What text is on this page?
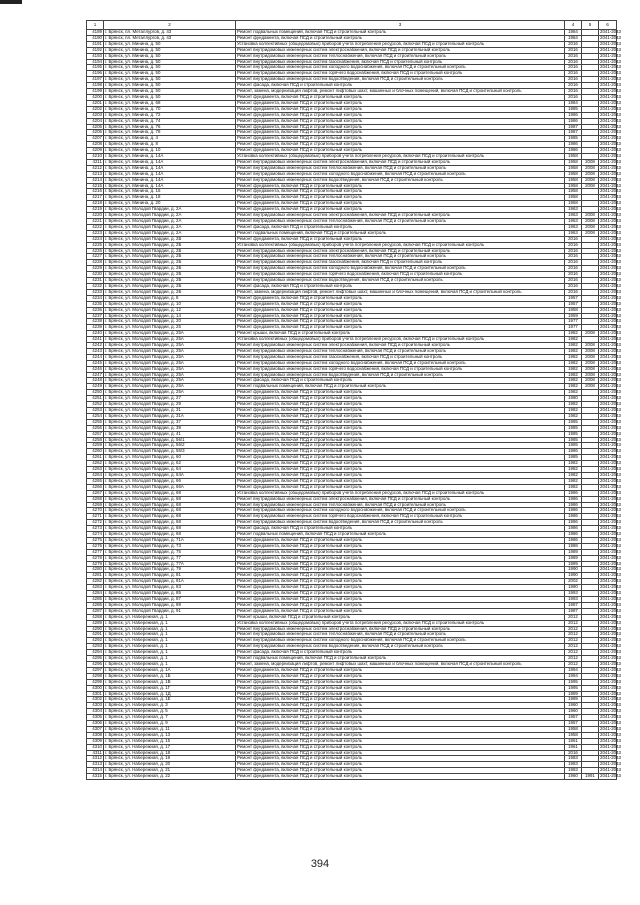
1	2	3	4	5	6
4189	г. Брянск, пл. Металлургов, д. 43	Ремонт подвальных помещений, включая ПСД и строительный контроль	1984		2041-2043
4190	г. Брянск, пл. Металлургов, д. 43	Ремонт фундамента, включая ПСД и строительный контроль	1984		2041-2043
4191	г. Брянск, ул. Минина, д. 50	Установка коллективных (общедомовых) приборов учета потребления ресурсов, включая ПСД и строительный контроль	2016		2041-2043
4192	г. Брянск, ул. Минина, д. 50	Ремонт внутридомовых инженерных систем электроснабжения, включая ПСД и строительный контроль	2016		2041-2043
4193	г. Брянск, ул. Минина, д. 50	Ремонт внутридомовых инженерных систем теплоснабжения, включая ПСД и строительный контроль	2016		2041-2043
4194	г. Брянск, ул. Минина, д. 50	Ремонт внутридомовых инженерных систем газоснабжения, включая ПСД и строительный контроль	2016		2041-2043
4195	г. Брянск, ул. Минина, д. 50	Ремонт внутридомовых инженерных систем холодного водоснабжения, включая ПСД и строительный контроль	2016		2041-2043
4196	г. Брянск, ул. Минина, д. 50	Ремонт внутридомовых инженерных систем горячего водоснабжения, включая ПСД и строительный контроль	2016		2041-2043
4197	г. Брянск, ул. Минина, д. 50	Ремонт внутридомовых инженерных систем водоотведения, включая ПСД и строительный контроль	2016		2041-2043
4198	г. Брянск, ул. Минина, д. 50	Ремонт фасада, включая ПСД и строительный контроль	2016		2041-2043
4199	г. Брянск, ул. Минина, д. 50	Ремонт, замена, модернизация лифтов, ремонт лифтовых шахт, машинных и блочных помещений, включая ПСД и строительный контроль	2016		2041-2043
4200	г. Брянск, ул. Минина, д. 50	Ремонт фундамента, включая ПСД и строительный контроль	2016		2041-2043
4201	г. Брянск, ул. Минина, д. 68	Ремонт фундамента, включая ПСД и строительный контроль	1984		2041-2043
4202	г. Брянск, ул. Минина, д. 70	Ремонт фундамента, включая ПСД и строительный контроль	1985		2041-2043
4203	г. Брянск, ул. Минина, д. 72	Ремонт фундамента, включая ПСД и строительный контроль	1986		2041-2043
4204	г. Брянск, ул. Минина, д. 74	Ремонт фундамента, включая ПСД и строительный контроль	1986		2041-2043
4205	г. Брянск, ул. Минина, д. 76	Ремонт фундамента, включая ПСД и строительный контроль	1987		2041-2043
4206	г. Брянск, ул. Минина, д. 78	Ремонт фундамента, включая ПСД и строительный контроль	1987		2041-2043
4207	г. Брянск, ул. Минина, д. 4	Ремонт фундамента, включая ПСД и строительный контроль	1985		2041-2043
4208	г. Брянск, ул. Минина, д. 8	Ремонт фундамента, включая ПСД и строительный контроль	1986		2041-2043
4209	г. Брянск, ул. Минина, д. 10	Ремонт фундамента, включая ПСД и строительный контроль	1986		2041-2043
4210	г. Брянск, ул. Минина, д. 14А	Установка коллективных (общедомовых) приборов учета потребления ресурсов, включая ПСД и строительный контроль	1958		2041-2043
4211	г. Брянск, ул. Минина, д. 14А	Ремонт внутридомовых инженерных систем электроснабжения, включая ПСД и строительный контроль	1958	2008	2041-2043
4212	г. Брянск, ул. Минина, д. 14А	Ремонт внутридомовых инженерных систем теплоснабжения, включая ПСД и строительный контроль	1958	2008	2041-2043
4213	г. Брянск, ул. Минина, д. 14А	Ремонт внутридомовых инженерных систем холодного водоснабжения, включая ПСД и строительный контроль	1958	2008	2041-2043
4214	г. Брянск, ул. Минина, д. 14А	Ремонт внутридомовых инженерных систем водоотведения, включая ПСД и строительный контроль	1958	2008	2041-2043
4215	г. Брянск, ул. Минина, д. 14А	Ремонт фундамента, включая ПСД и строительный контроль	1958	2008	2041-2043
4216	г. Брянск, ул. Минина, д. 16	Ремонт фундамента, включая ПСД и строительный контроль	1958		2041-2043
4217	г. Брянск, ул. Минина, д. 18	Ремонт фундамента, включая ПСД и строительный контроль	1958		2041-2043
4218	г. Брянск, ул. Минина, д. 20	Ремонт фундамента, включая ПСД и строительный контроль	1958		2041-2043
4219	г. Брянск, ул. Молодой Гвардии, д. 2А	Ремонт фундамента, включая ПСД и строительный контроль	1963		2041-2043
4220	г. Брянск, ул. Молодой Гвардии, д. 2А	Ремонт внутридомовых инженерных систем электроснабжения, включая ПСД и строительный контроль	1963	2008	2041-2043
4221	г. Брянск, ул. Молодой Гвардии, д. 2А	Ремонт внутридомовых инженерных систем теплоснабжения, включая ПСД и строительный контроль	1963	2008	2041-2043
4222	г. Брянск, ул. Молодой Гвардии, д. 2А	Ремонт фасада, включая ПСД и строительный контроль	1963	2008	2041-2043
4223	г. Брянск, ул. Молодой Гвардии, д. 2А	Ремонт подвальных помещений, включая ПСД и строительный контроль	1963	2008	2041-2043
4224	г. Брянск, ул. Молодой Гвардии, д. 2Б	Ремонт фундамента, включая ПСД и строительный контроль	2016		2041-2043
4225	г. Брянск, ул. Молодой Гвардии, д. 2Б	Установка коллективных (общедомовых) приборов учета потребления ресурсов, включая ПСД и строительный контроль	2016		2041-2043
4226	г. Брянск, ул. Молодой Гвардии, д. 2Б	Ремонт внутридомовых инженерных систем электроснабжения, включая ПСД и строительный контроль	2016		2041-2043
4227	г. Брянск, ул. Молодой Гвардии, д. 2Б	Ремонт внутридомовых инженерных систем теплоснабжения, включая ПСД и строительный контроль	2016		2041-2043
4228	г. Брянск, ул. Молодой Гвардии, д. 2Б	Ремонт внутридомовых инженерных систем газоснабжения, включая ПСД и строительный контроль	2016		2041-2043
4229	г. Брянск, ул. Молодой Гвардии, д. 2Б	Ремонт внутридомовых инженерных систем холодного водоснабжения, включая ПСД и строительный контроль	2016		2041-2043
4230	г. Брянск, ул. Молодой Гвардии, д. 2Б	Ремонт внутридомовых инженерных систем горячего водоснабжения, включая ПСД и строительный контроль	2016		2041-2043
4231	г. Брянск, ул. Молодой Гвардии, д. 2Б	Ремонт внутридомовых инженерных систем водоотведения, включая ПСД и строительный контроль	2016		2041-2043
4232	г. Брянск, ул. Молодой Гвардии, д. 2Б	Ремонт фасада, включая ПСД и строительный контроль	2016		2041-2043
4233	г. Брянск, ул. Молодой Гвардии, д. 2Б	Ремонт, замена, модернизация лифтов, ремонт лифтовых шахт, машинных и блочных помещений, включая ПСД и строительный контроль	2016		2041-2043
4234	г. Брянск, ул. Молодой Гвардии, д. 8	Ремонт фундамента, включая ПСД и строительный контроль	1957		2041-2043
4235	г. Брянск, ул. Молодой Гвардии, д. 10	Ремонт фундамента, включая ПСД и строительный контроль	1957		2041-2043
4236	г. Брянск, ул. Молодой Гвардии, д. 12	Ремонт фундамента, включая ПСД и строительный контроль	1958		2041-2043
4237	г. Брянск, ул. Молодой Гвардии, д. 14	Ремонт фундамента, включая ПСД и строительный контроль	1959		2041-2043
4238	г. Брянск, ул. Молодой Гвардии, д. 20	Ремонт фундамента, включая ПСД и строительный контроль	1977		2041-2043
4239	г. Брянск, ул. Молодой Гвардии, д. 25	Ремонт фундамента, включая ПСД и строительный контроль	1977		2041-2043
4240	г. Брянск, ул. Молодой Гвардии, д. 25А	Ремонт крыши, включая ПСД и строительный контроль	1982	2008	2041-2043
4241	г. Брянск, ул. Молодой Гвардии, д. 25А	Установка коллективных (общедомовых) приборов учета потребления ресурсов, включая ПСД и строительный контроль	1982		2041-2043
4242	г. Брянск, ул. Молодой Гвардии, д. 25А	Ремонт внутридомовых инженерных систем электроснабжения, включая ПСД и строительный контроль	1982	2008	2041-2043
4243	г. Брянск, ул. Молодой Гвардии, д. 25А	Ремонт внутридомовых инженерных систем теплоснабжения, включая ПСД и строительный контроль	1982	2008	2041-2043
4244	г. Брянск, ул. Молодой Гвардии, д. 25А	Ремонт внутридомовых инженерных систем газоснабжения, включая ПСД и строительный контроль	1982	2008	2041-2043
4245	г. Брянск, ул. Молодой Гвардии, д. 25А	Ремонт внутридомовых инженерных систем холодного водоснабжения, включая ПСД и строительный контроль	1982	2008	2041-2043
4246	г. Брянск, ул. Молодой Гвардии, д. 25А	Ремонт внутридомовых инженерных систем горячего водоснабжения, включая ПСД и строительный контроль	1982	2008	2041-2043
4247	г. Брянск, ул. Молодой Гвардии, д. 25А	Ремонт внутридомовых инженерных систем водоотведения, включая ПСД и строительный контроль	1982	2008	2041-2043
4248	г. Брянск, ул. Молодой Гвардии, д. 25А	Ремонт фасада, включая ПСД и строительный контроль	1982	2008	2041-2043
4249	г. Брянск, ул. Молодой Гвардии, д. 25А	Ремонт подвальных помещений, включая ПСД и строительный контроль	1982	2008	2041-2043
4250	г. Брянск, ул. Молодой Гвардии, д. 25А	Ремонт фундамента, включая ПСД и строительный контроль	1982		2041-2043
4251	г. Брянск, ул. Молодой Гвардии, д. 27	Ремонт фундамента, включая ПСД и строительный контроль	1980		2041-2043
4252	г. Брянск, ул. Молодой Гвардии, д. 29	Ремонт фундамента, включая ПСД и строительный контроль	1982		2041-2043
4253	г. Брянск, ул. Молодой Гвардии, д. 31	Ремонт фундамента, включая ПСД и строительный контроль	1982		2041-2043
4254	г. Брянск, ул. Молодой Гвардии, д. 31А	Ремонт фундамента, включая ПСД и строительный контроль	1982		2041-2043
4255	г. Брянск, ул. Молодой Гвардии, д. 37	Ремонт фундамента, включая ПСД и строительный контроль	1985		2041-2043
4256	г. Брянск, ул. Молодой Гвардии, д. 39	Ремонт фундамента, включая ПСД и строительный контроль	1985		2041-2043
4257	г. Брянск, ул. Молодой Гвардии, д. 41	Ремонт фундамента, включая ПСД и строительный контроль	1985		2041-2043
4258	г. Брянск, ул. Молодой Гвардии, д. 56/1	Ремонт фундамента, включая ПСД и строительный контроль	1985		2041-2043
4259	г. Брянск, ул. Молодой Гвардии, д. 56/2	Ремонт фундамента, включая ПСД и строительный контроль	1985		2041-2043
4260	г. Брянск, ул. Молодой Гвардии, д. 56/3	Ремонт фундамента, включая ПСД и строительный контроль	1986		2041-2043
4261	г. Брянск, ул. Молодой Гвардии, д. 60	Ремонт фундамента, включая ПСД и строительный контроль	1985		2041-2043
4262	г. Брянск, ул. Молодой Гвардии, д. 62	Ремонт фундамента, включая ПСД и строительный контроль	1982		2041-2043
4263	г. Брянск, ул. Молодой Гвардии, д. 64	Ремонт фундамента, включая ПСД и строительный контроль	1982		2041-2043
4264	г. Брянск, ул. Молодой Гвардии, д. 64А	Ремонт фундамента, включая ПСД и строительный контроль	1982		2041-2043
4265	г. Брянск, ул. Молодой Гвардии, д. 66	Ремонт фундамента, включая ПСД и строительный контроль	1982		2041-2043
4266	г. Брянск, ул. Молодой Гвардии, д. 66А	Ремонт фундамента, включая ПСД и строительный контроль	1982		2041-2043
4267	г. Брянск, ул. Молодой Гвардии, д. 68	Установка коллективных (общедомовых) приборов учета потребления ресурсов, включая ПСД и строительный контроль	1986		2041-2043
4268	г. Брянск, ул. Молодой Гвардии, д. 68	Ремонт внутридомовых инженерных систем электроснабжения, включая ПСД и строительный контроль	1986		2041-2043
4269	г. Брянск, ул. Молодой Гвардии, д. 68	Ремонт внутридомовых инженерных систем теплоснабжения, включая ПСД и строительный контроль	1986		2041-2043
4270	г. Брянск, ул. Молодой Гвардии, д. 68	Ремонт внутридомовых инженерных систем холодного водоснабжения, включая ПСД и строительный контроль	1986		2041-2043
4271	г. Брянск, ул. Молодой Гвардии, д. 68	Ремонт внутридомовых инженерных систем горячего водоснабжения, включая ПСД и строительный контроль	1986		2041-2043
4272	г. Брянск, ул. Молодой Гвардии, д. 68	Ремонт внутридомовых инженерных систем водоотведения, включая ПСД и строительный контроль	1986		2041-2043
4273	г. Брянск, ул. Молодой Гвардии, д. 68	Ремонт фасада, включая ПСД и строительный контроль	1986		2041-2043
4274	г. Брянск, ул. Молодой Гвардии, д. 68	Ремонт подвальных помещений, включая ПСД и строительный контроль	1986		2041-2043
4275	г. Брянск, ул. Молодой Гвардии, д. 71А	Ремонт фундамента, включая ПСД и строительный контроль	1986		2041-2043
4276	г. Брянск, ул. Молодой Гвардии, д. 73	Ремонт фундамента, включая ПСД и строительный контроль	1988		2041-2043
4277	г. Брянск, ул. Молодой Гвардии, д. 75	Ремонт фундамента, включая ПСД и строительный контроль	1989		2041-2043
4278	г. Брянск, ул. Молодой Гвардии, д. 77	Ремонт фундамента, включая ПСД и строительный контроль	1989		2041-2043
4279	г. Брянск, ул. Молодой Гвардии, д. 77А	Ремонт фундамента, включая ПСД и строительный контроль	1989		2041-2043
4280	г. Брянск, ул. Молодой Гвардии, д. 79	Ремонт фундамента, включая ПСД и строительный контроль	1990		2041-2043
4281	г. Брянск, ул. Молодой Гвардии, д. 81	Ремонт фундамента, включая ПСД и строительный контроль	1990		2041-2043
4282	г. Брянск, ул. Молодой Гвардии, д. 81А	Ремонт фундамента, включая ПСД и строительный контроль	2002		2041-2043
4283	г. Брянск, ул. Молодой Гвардии, д. 83	Ремонт фундамента, включая ПСД и строительный контроль	1990		2041-2043
4284	г. Брянск, ул. Молодой Гвардии, д. 85	Ремонт фундамента, включая ПСД и строительный контроль	1993		2041-2043
4285	г. Брянск, ул. Молодой Гвардии, д. 87	Ремонт фундамента, включая ПСД и строительный контроль	1993		2041-2043
4286	г. Брянск, ул. Молодой Гвардии, д. 89	Ремонт фундамента, включая ПСД и строительный контроль	1987		2041-2043
4287	г. Брянск, ул. Молодой Гвардии, д. 91	Ремонт фундамента, включая ПСД и строительный контроль	1987		2041-2043
4288	г. Брянск, ул. Набережная, д. 1	Ремонт крыши, включая ПСД и строительный контроль	2012		2041-2043
4289	г. Брянск, ул. Набережная, д. 1	Установка коллективных (общедомовых) приборов учета потребления ресурсов, включая ПСД и строительный контроль	2012		2041-2043
4290	г. Брянск, ул. Набережная, д. 1	Ремонт внутридомовых инженерных систем электроснабжения, включая ПСД и строительный контроль	2012		2041-2043
4291	г. Брянск, ул. Набережная, д. 1	Ремонт внутридомовых инженерных систем теплоснабжения, включая ПСД и строительный контроль	2012		2041-2043
4292	г. Брянск, ул. Набережная, д. 1	Ремонт внутридомовых инженерных систем холодного водоснабжения, включая ПСД и строительный контроль	2012		2041-2043
4293	г. Брянск, ул. Набережная, д. 1	Ремонт внутридомовых инженерных систем водоотведения, включая ПСД и строительный контроль	2012		2041-2043
4294	г. Брянск, ул. Набережная, д. 1	Ремонт фасада, включая ПСД и строительный контроль	2012		2041-2043
4295	г. Брянск, ул. Набережная, д. 1	Ремонт подвальных помещений, включая ПСД и строительный контроль	2012		2041-2043
4296	г. Брянск, ул. Набережная, д. 1	Ремонт, замена, модернизация лифтов, ремонт лифтовых шахт, машинных и блочных помещений, включая ПСД и строительный контроль	2012		2041-2043
4297	г. Брянск, ул. Набережная, д. 1А	Ремонт фундамента, включая ПСД и строительный контроль	1994		2041-2043
4298	г. Брянск, ул. Набережная, д. 1Б	Ремонт фундамента, включая ПСД и строительный контроль	1994		2041-2043
4299	г. Брянск, ул. Набережная, д. 1В	Ремонт фундамента, включая ПСД и строительный контроль	1995		2041-2043
4300	г. Брянск, ул. Набережная, д. 1Г	Ремонт фундамента, включая ПСД и строительный контроль	1995		2041-2043
4301	г. Брянск, ул. Набережная, д. 1Д	Ремонт фундамента, включая ПСД и строительный контроль	1989		2041-2043
4302	г. Брянск, ул. Набережная, д. 1Е	Ремонт фундамента, включая ПСД и строительный контроль	1989		2041-2043
4303	г. Брянск, ул. Набережная, д. 3	Ремонт фундамента, включая ПСД и строительный контроль	1960		2041-2043
4304	г. Брянск, ул. Набережная, д. 5	Ремонт фундамента, включая ПСД и строительный контроль	1960		2041-2043
4305	г. Брянск, ул. Набережная, д. 7	Ремонт фундамента, включая ПСД и строительный контроль	1957		2041-2043
4306	г. Брянск, ул. Набережная, д. 9	Ремонт фундамента, включая ПСД и строительный контроль	1957		2041-2043
4307	г. Брянск, ул. Набережная, д. 11	Ремонт фундамента, включая ПСД и строительный контроль	1958		2041-2043
4308	г. Брянск, ул. Набережная, д. 13	Ремонт фундамента, включая ПСД и строительный контроль	1958		2041-2043
4309	г. Брянск, ул. Набережная, д. 15	Ремонт фундамента, включая ПСД и строительный контроль	1961		2041-2043
4310	г. Брянск, ул. Набережная, д. 17	Ремонт фундамента, включая ПСД и строительный контроль	1961		2041-2043
4311	г. Брянск, ул. Набережная, д. 18	Ремонт фундамента, включая ПСД и строительный контроль	2016		2041-2043
4312	г. Брянск, ул. Набережная, д. 19	Ремонт фундамента, включая ПСД и строительный контроль	1983		2041-2043
4313	г. Брянск, ул. Набережная, д. 20	Ремонт фундамента, включая ПСД и строительный контроль	1983		2041-2043
4314	г. Брянск, ул. Набережная, д. 21	Ремонт фундамента, включая ПСД и строительный контроль	1983		2041-2043
4315	г. Брянск, ул. Набережная, д. 22	Ремонт фундамента, включая ПСД и строительный контроль	1960	1991	2041-2043
394
